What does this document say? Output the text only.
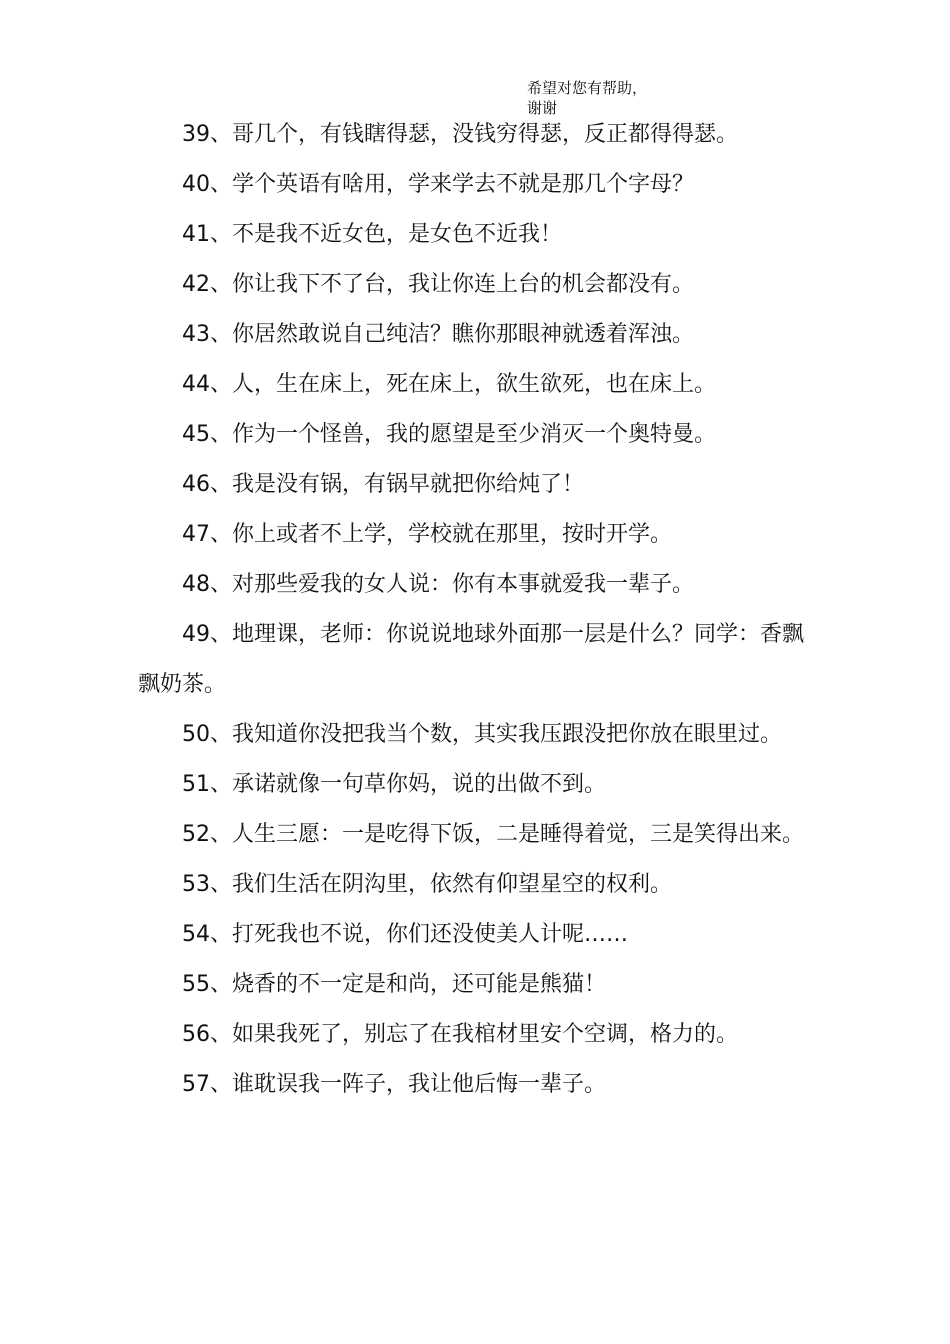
希望对您有帮助，
谢谢

39、哥几个，有钱瞎得瑟，没钱穷得瑟，反正都得得瑟。

40、学个英语有啥用，学来学去不就是那几个字母？

41、不是我不近女色，是女色不近我！

42、你让我下不了台，我让你连上台的机会都没有。

43、你居然敢说自己纯洁？瞧你那眼神就透着浑浊。

44、人，生在床上，死在床上，欲生欲死，也在床上。

45、作为一个怪兽，我的愿望是至少消灭一个奥特曼。

46、我是没有锅，有锅早就把你给炖了！

47、你上或者不上学，学校就在那里，按时开学。

48、对那些爱我的女人说：你有本事就爱我一辈子。

49、地理课，老师：你说说地球外面那一层是什么？同学：香飘飘奶茶。

50、我知道你没把我当个数，其实我压跟没把你放在眼里过。

51、承诺就像一句草你妈，说的出做不到。

52、人生三愿：一是吃得下饭，二是睡得着觉，三是笑得出来。

53、我们生活在阴沟里，依然有仰望星空的权利。

54、打死我也不说，你们还没使美人计呢……

55、烧香的不一定是和尚，还可能是熊猫！

56、如果我死了，别忘了在我棺材里安个空调，格力的。

57、谁耽误我一阵子，我让他后悔一辈子。
